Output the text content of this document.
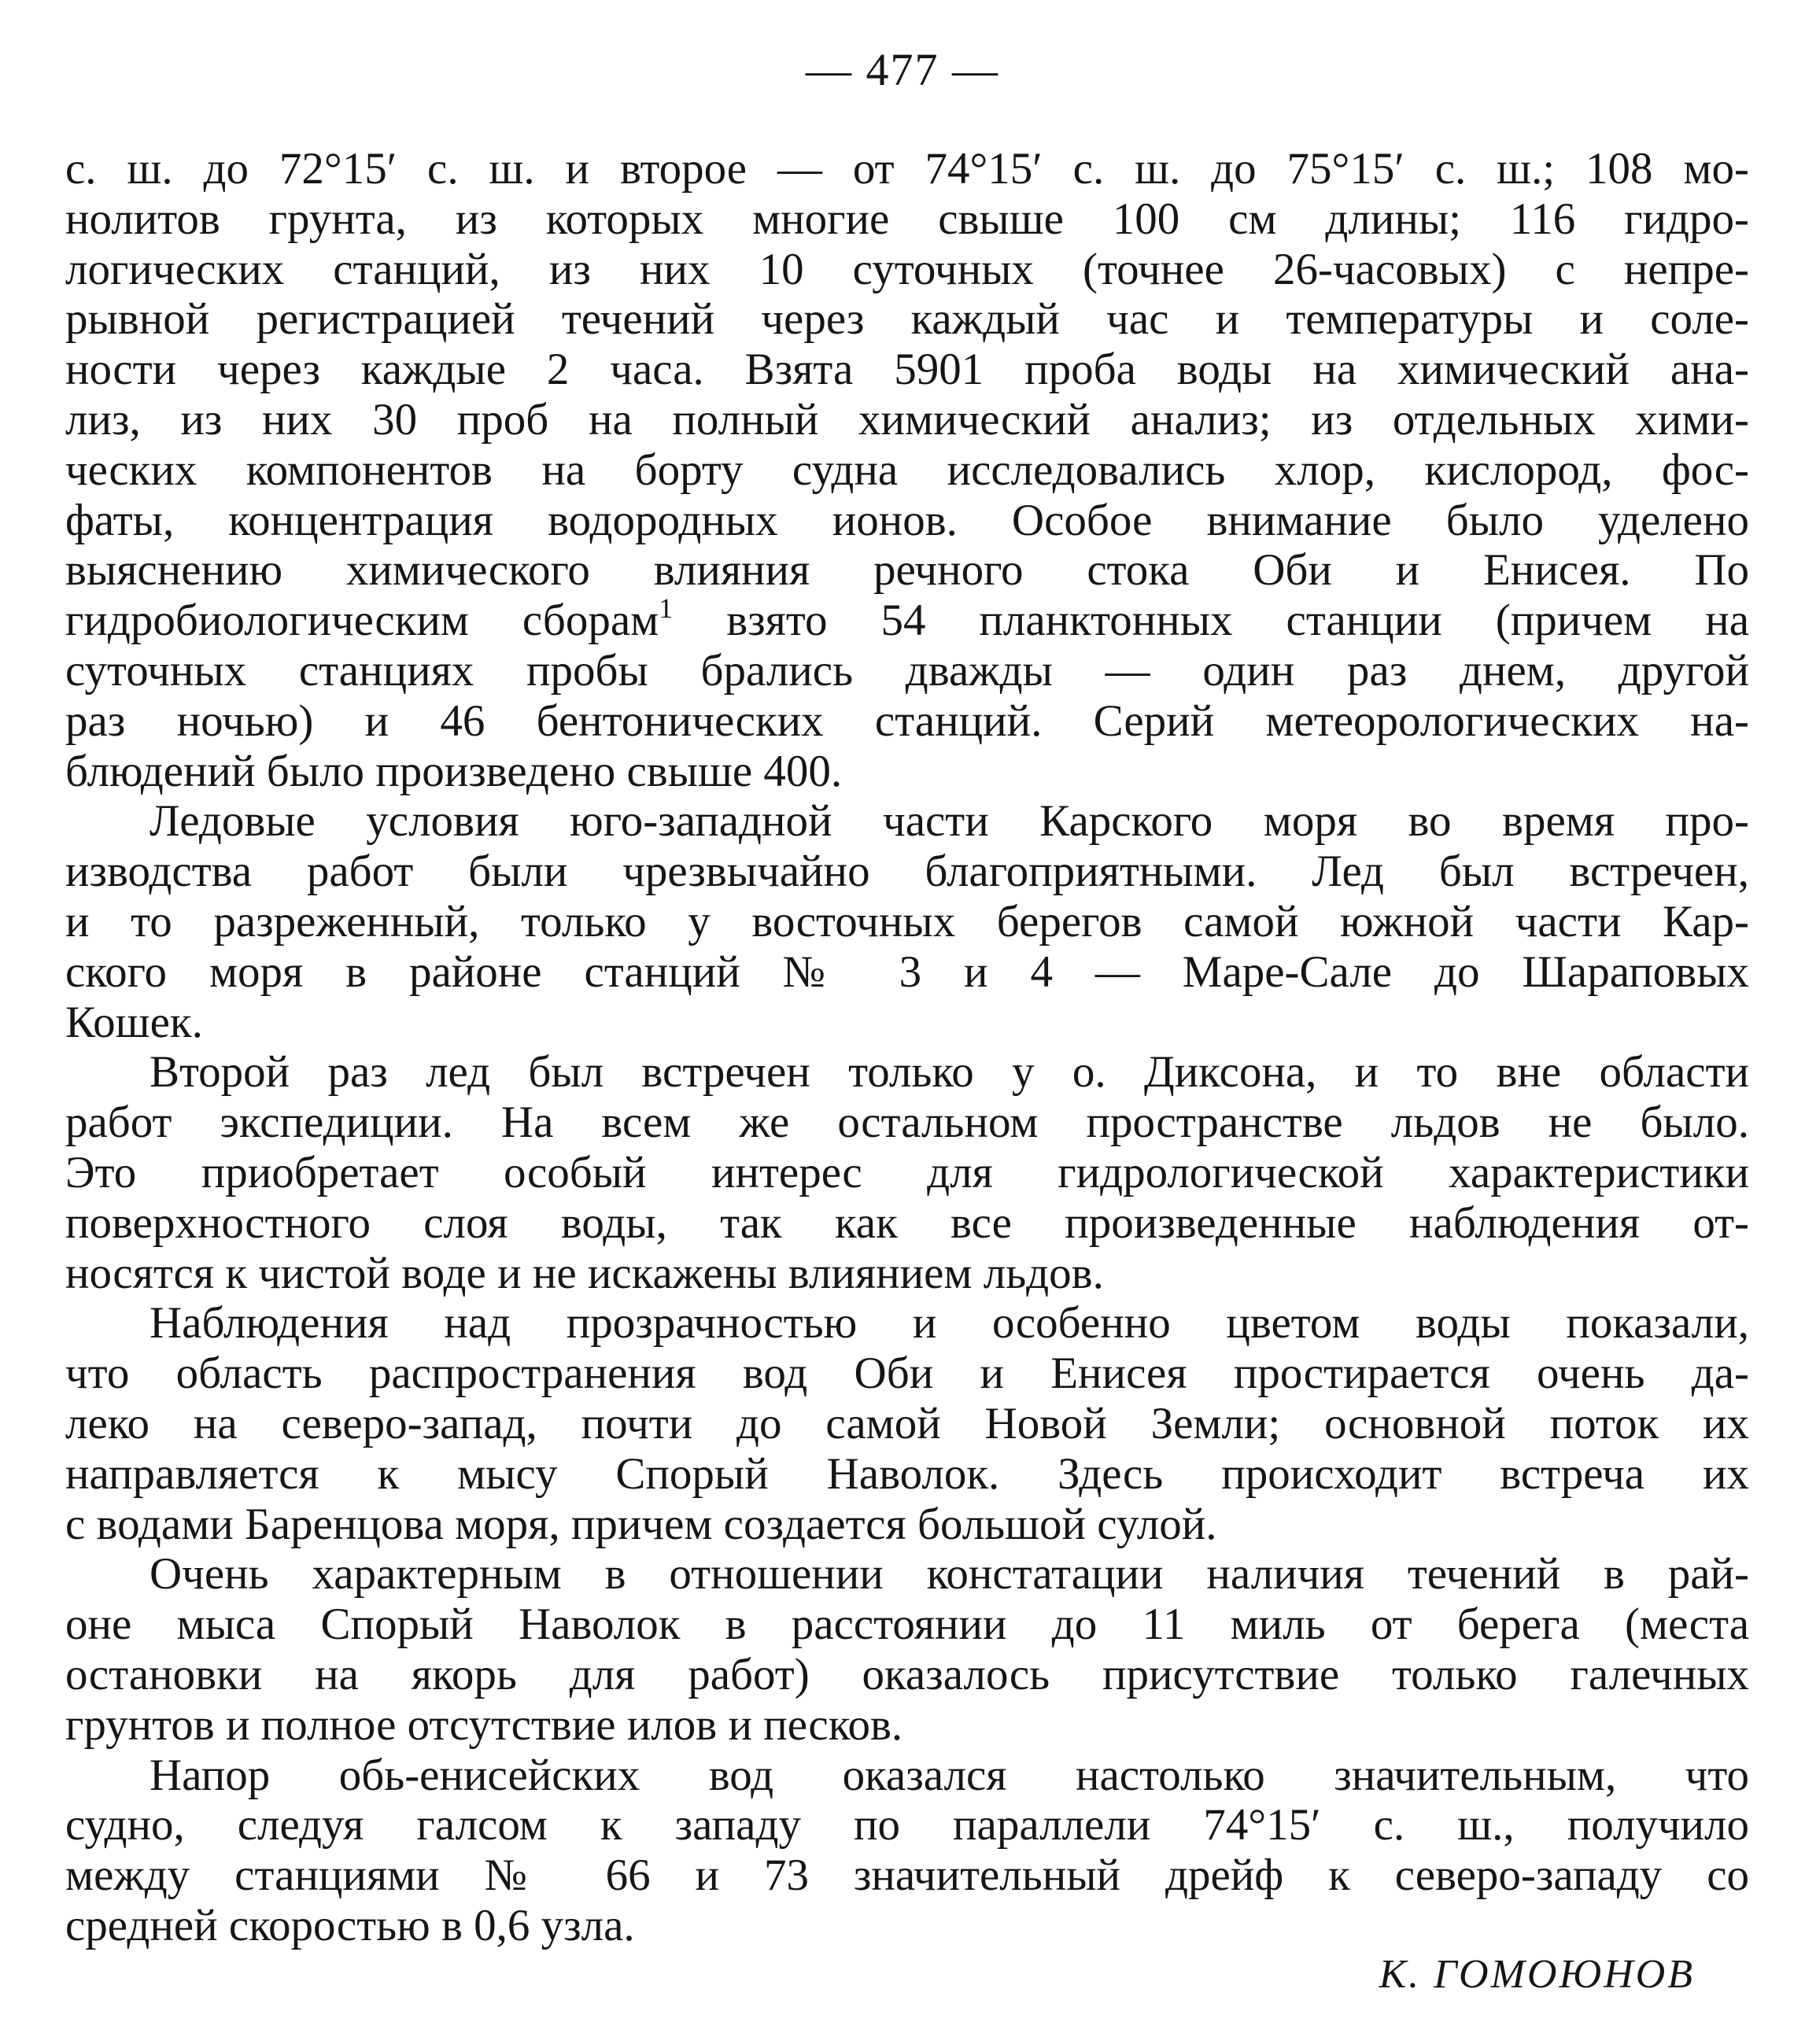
— 477 —
с. ш. до 72°15′ с. ш. и второе — от 74°15′ с. ш. до 75°15′ с. ш.; 108 мо-
нолитов грунта, из которых многие свыше 100 см длины; 116 гидро-
логических станций, из них 10 суточных (точнее 26-часовых) с непре-
рывной регистрацией течений через каждый час и температуры и соле-
ности через каждые 2 часа. Взята 5901 проба воды на химический ана-
лиз, из них 30 проб на полный химический анализ; из отдельных хими-
ческих компонентов на борту судна исследовались хлор, кислород, фос-
фаты, концентрация водородных ионов. Особое внимание было уделено
выяснению химического влияния речного стока Оби и Енисея. По
гидробиологическим сборам$^1$ взято 54 планктонных станции (причем на
суточных станциях пробы брались дважды — один раз днем, другой
раз ночью) и 46 бентонических станций. Серий метеорологических на-
блюдений было произведено свыше 400.
Ледовые условия юго-западной части Карского моря во время про-
изводства работ были чрезвычайно благоприятными. Лед был встречен,
и то разреженный, только у восточных берегов самой южной части Кар-
ского моря в районе станций № 3 и 4 — Маре-Сале до Шараповых
Кошек.
Второй раз лед был встречен только у о. Диксона, и то вне области
работ экспедиции. На всем же остальном пространстве льдов не было.
Это приобретает особый интерес для гидрологической характеристики
поверхностного слоя воды, так как все произведенные наблюдения от-
носятся к чистой воде и не искажены влиянием льдов.
Наблюдения над прозрачностью и особенно цветом воды показали,
что область распространения вод Оби и Енисея простирается очень да-
леко на северо-запад, почти до самой Новой Земли; основной поток их
направляется к мысу Спорый Наволок. Здесь происходит встреча их
с водами Баренцова моря, причем создается большой сулой.
Очень характерным в отношении констатации наличия течений в рай-
оне мыса Спорый Наволок в расстоянии до 11 миль от берега (места
остановки на якорь для работ) оказалось присутствие только галечных
грунтов и полное отсутствие илов и песков.
Напор обь-енисейских вод оказался настолько значительным, что
судно, следуя галсом к западу по параллели 74°15′ с. ш., получило
между станциями № 66 и 73 значительный дрейф к северо-западу со
средней скоростью в 0,6 узла.
К. ГОМОЮНОВ
